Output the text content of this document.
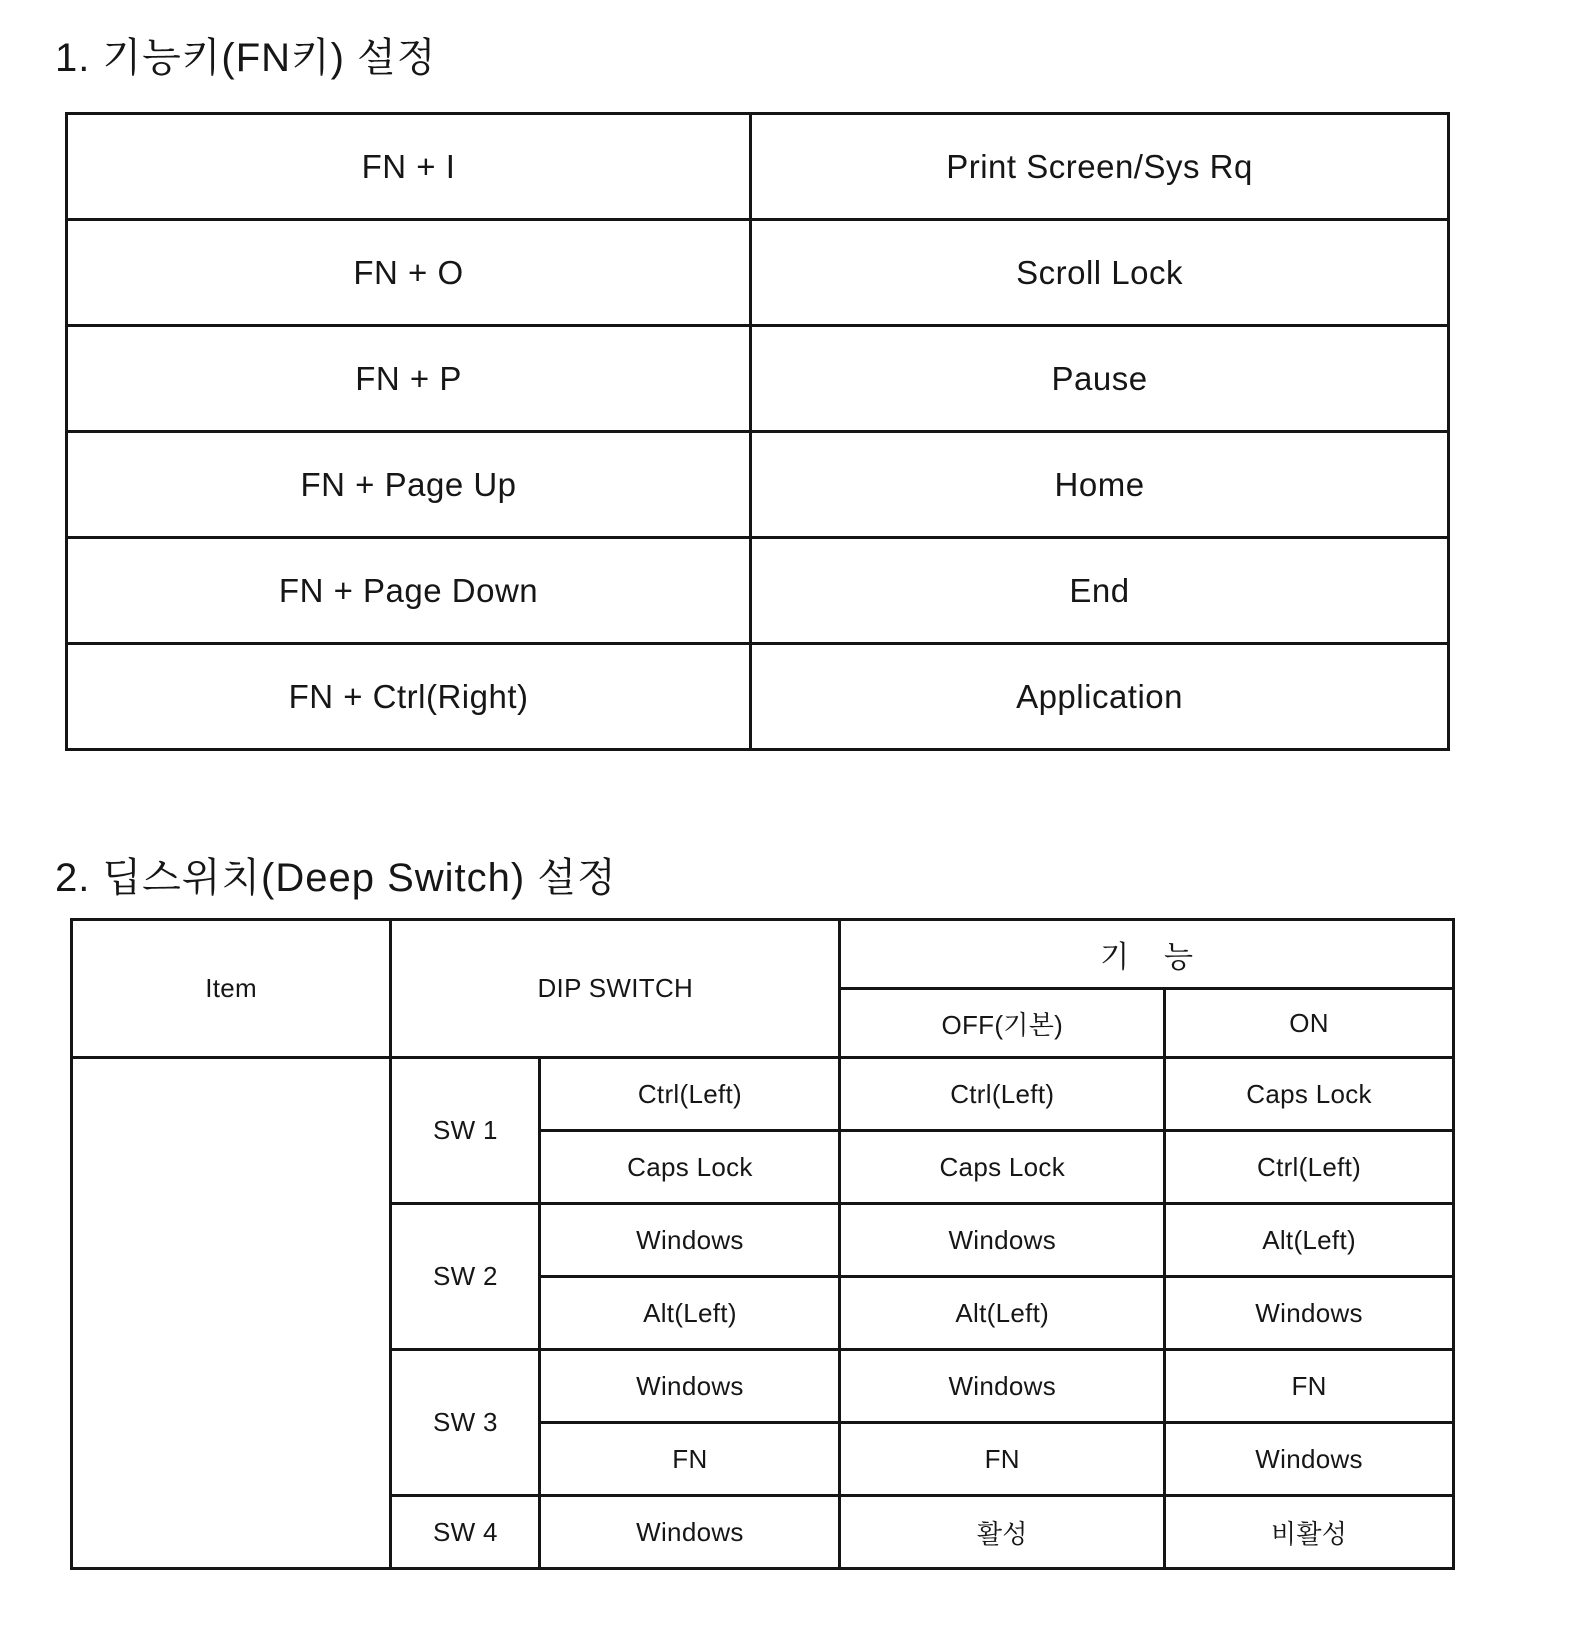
1. 기능키(FN키) 설정
FN + I	Print Screen/Sys Rq
FN + O	Scroll Lock
FN + P	Pause
FN + Page Up	Home
FN + Page Down	End
FN + Ctrl(Right)	Application
2. 딥스위치(Deep Switch) 설정
Item	DIP SWITCH		기    능	
			OFF(기본)	ON

	SW 1	Ctrl(Left)	Ctrl(Left)	Caps Lock
		Caps Lock	Caps Lock	Ctrl(Left)
	SW 2	Windows	Windows	Alt(Left)
		Alt(Left)	Alt(Left)	Windows
	SW 3	Windows	Windows	FN
		FN	FN	Windows
	SW 4	Windows	활성	비활성
